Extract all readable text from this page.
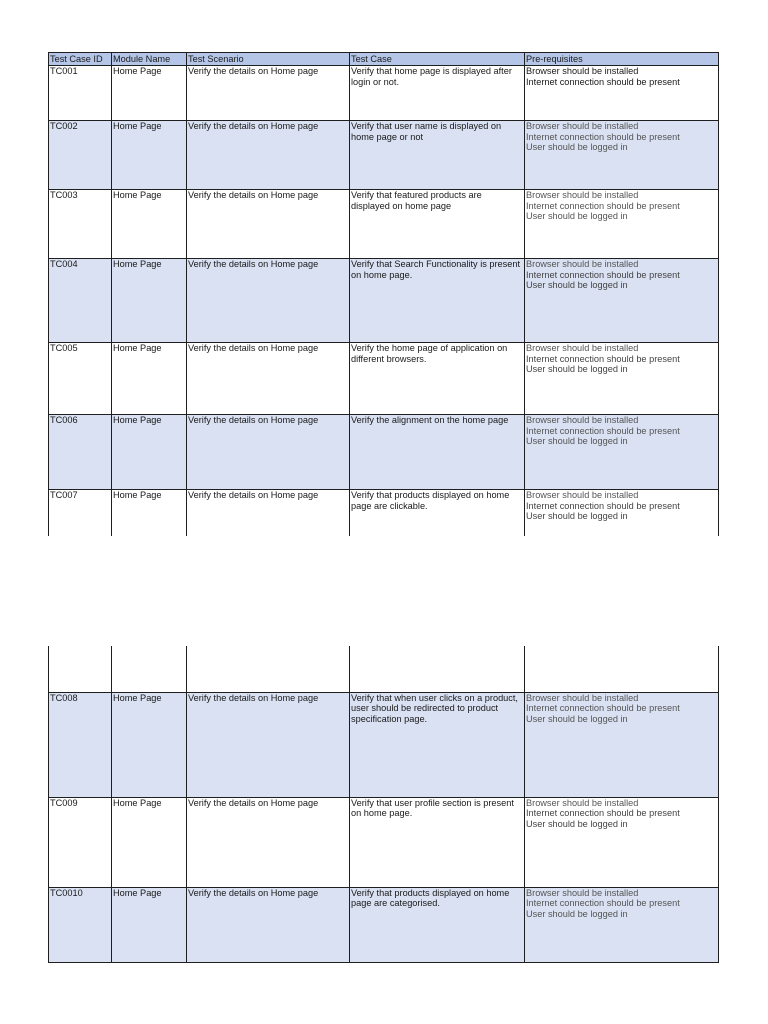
Test Case ID	Module Name	Test Scenario	Test Case	Pre-requisites
TC001	Home Page	Verify the details on Home page	Verify that home page is displayed after login or not.	Browser should be installed
Internet connection should be present

TC002	Home Page	Verify the details on Home page	Verify that user name is displayed on home page or not	Browser should be installed
Internet connection should be present
User should be logged in

TC003	Home Page	Verify the details on Home page	Verify that featured products are displayed on home page	Browser should be installed
Internet connection should be present
User should be logged in

TC004	Home Page	Verify the details on Home page	Verify that Search Functionality is present on home page.	Browser should be installed
Internet connection should be present
User should be logged in

TC005	Home Page	Verify the details on Home page	Verify the home page of application on different browsers.	Browser should be installed
Internet connection should be present
User should be logged in

TC006	Home Page	Verify the details on Home page	Verify the alignment on the home page	Browser should be installed
Internet connection should be present
User should be logged in

TC007	Home Page	Verify the details on Home page	Verify that products displayed on home page are clickable.	Browser should be installed
Internet connection should be present
User should be logged in

TC008	Home Page	Verify the details on Home page	Verify that when user clicks on a product, user should be redirected to product specification page.	Browser should be installed
Internet connection should be present
User should be logged in

TC009	Home Page	Verify the details on Home page	Verify that user profile section is present on home page.	Browser should be installed
Internet connection should be present
User should be logged in

TC0010	Home Page	Verify the details on Home page	Verify that products displayed on home page are categorised.	Browser should be installed
Internet connection should be present
User should be logged in
